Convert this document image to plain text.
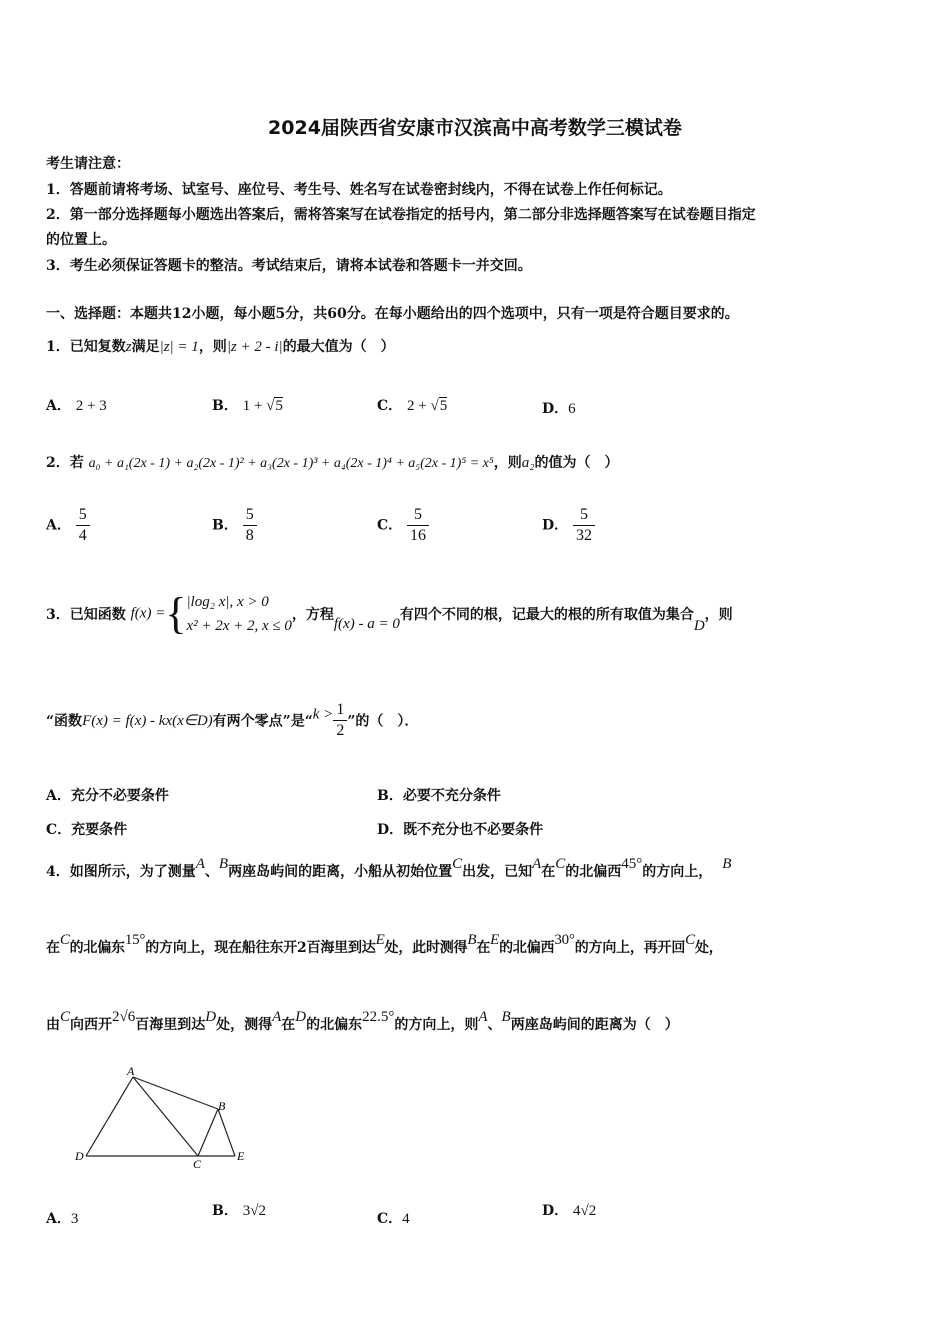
2024届陕西省安康市汉滨高中高考数学三模试卷
考生请注意：
1．答题前请将考场、试室号、座位号、考生号、姓名写在试卷密封线内，不得在试卷上作任何标记。
2．第一部分选择题每小题选出答案后，需将答案写在试卷指定的括号内，第二部分非选择题答案写在试卷题目指定
的位置上。
3．考生必须保证答题卡的整洁。考试结束后，请将本试卷和答题卡一并交回。
一、选择题：本题共12小题，每小题5分，共60分。在每小题给出的四个选项中，只有一项是符合题目要求的。
1．已知复数z满足|z| = 1，则|z + 2 - i|的最大值为（　）
A． 2 + 3	B． 1 + √5	C． 2 + √5	D．6
2．若 a₀ + a₁(2x - 1) + a₂(2x - 1)² + a₃(2x - 1)³ + a₄(2x - 1)⁴ + a₅(2x - 1)⁵ = x⁵，则a₂的值为（　）
A． $\frac{5}{4}$	B． $\frac{5}{8}$	C． $\frac{5}{16}$	D． $\frac{5}{32}$
3．已知函数 f(x) ={ |log₂ x|, x > 0
x² + 2x + 2, x ≤ 0
，方程f(x) - a = 0有四个不同的根，记最大的根的所有取值为集合D，则
“函数F(x) = f(x) - kx(x∈D)有两个零点”是“$k > \frac{1}{2}$ ”的（　）．
A．充分不必要条件	B．必要不充分条件
C．充要条件	D．既不充分也不必要条件
4．如图所示，为了测量A、B两座岛屿间的距离，小船从初始位置C出发，已知A在C的北偏西45°的方向上， B
在C的北偏东15°的方向上，现在船往东开2百海里到达E处，此时测得B在E的北偏西30°的方向上，再开回C处，
由C向西开2√6百海里到达D处，测得A在D的北偏东22.5°的方向上，则A、B两座岛屿间的距离为（　）
A
B
C
D	E
A．3	B． 3√2	C．4	D． 4√2
